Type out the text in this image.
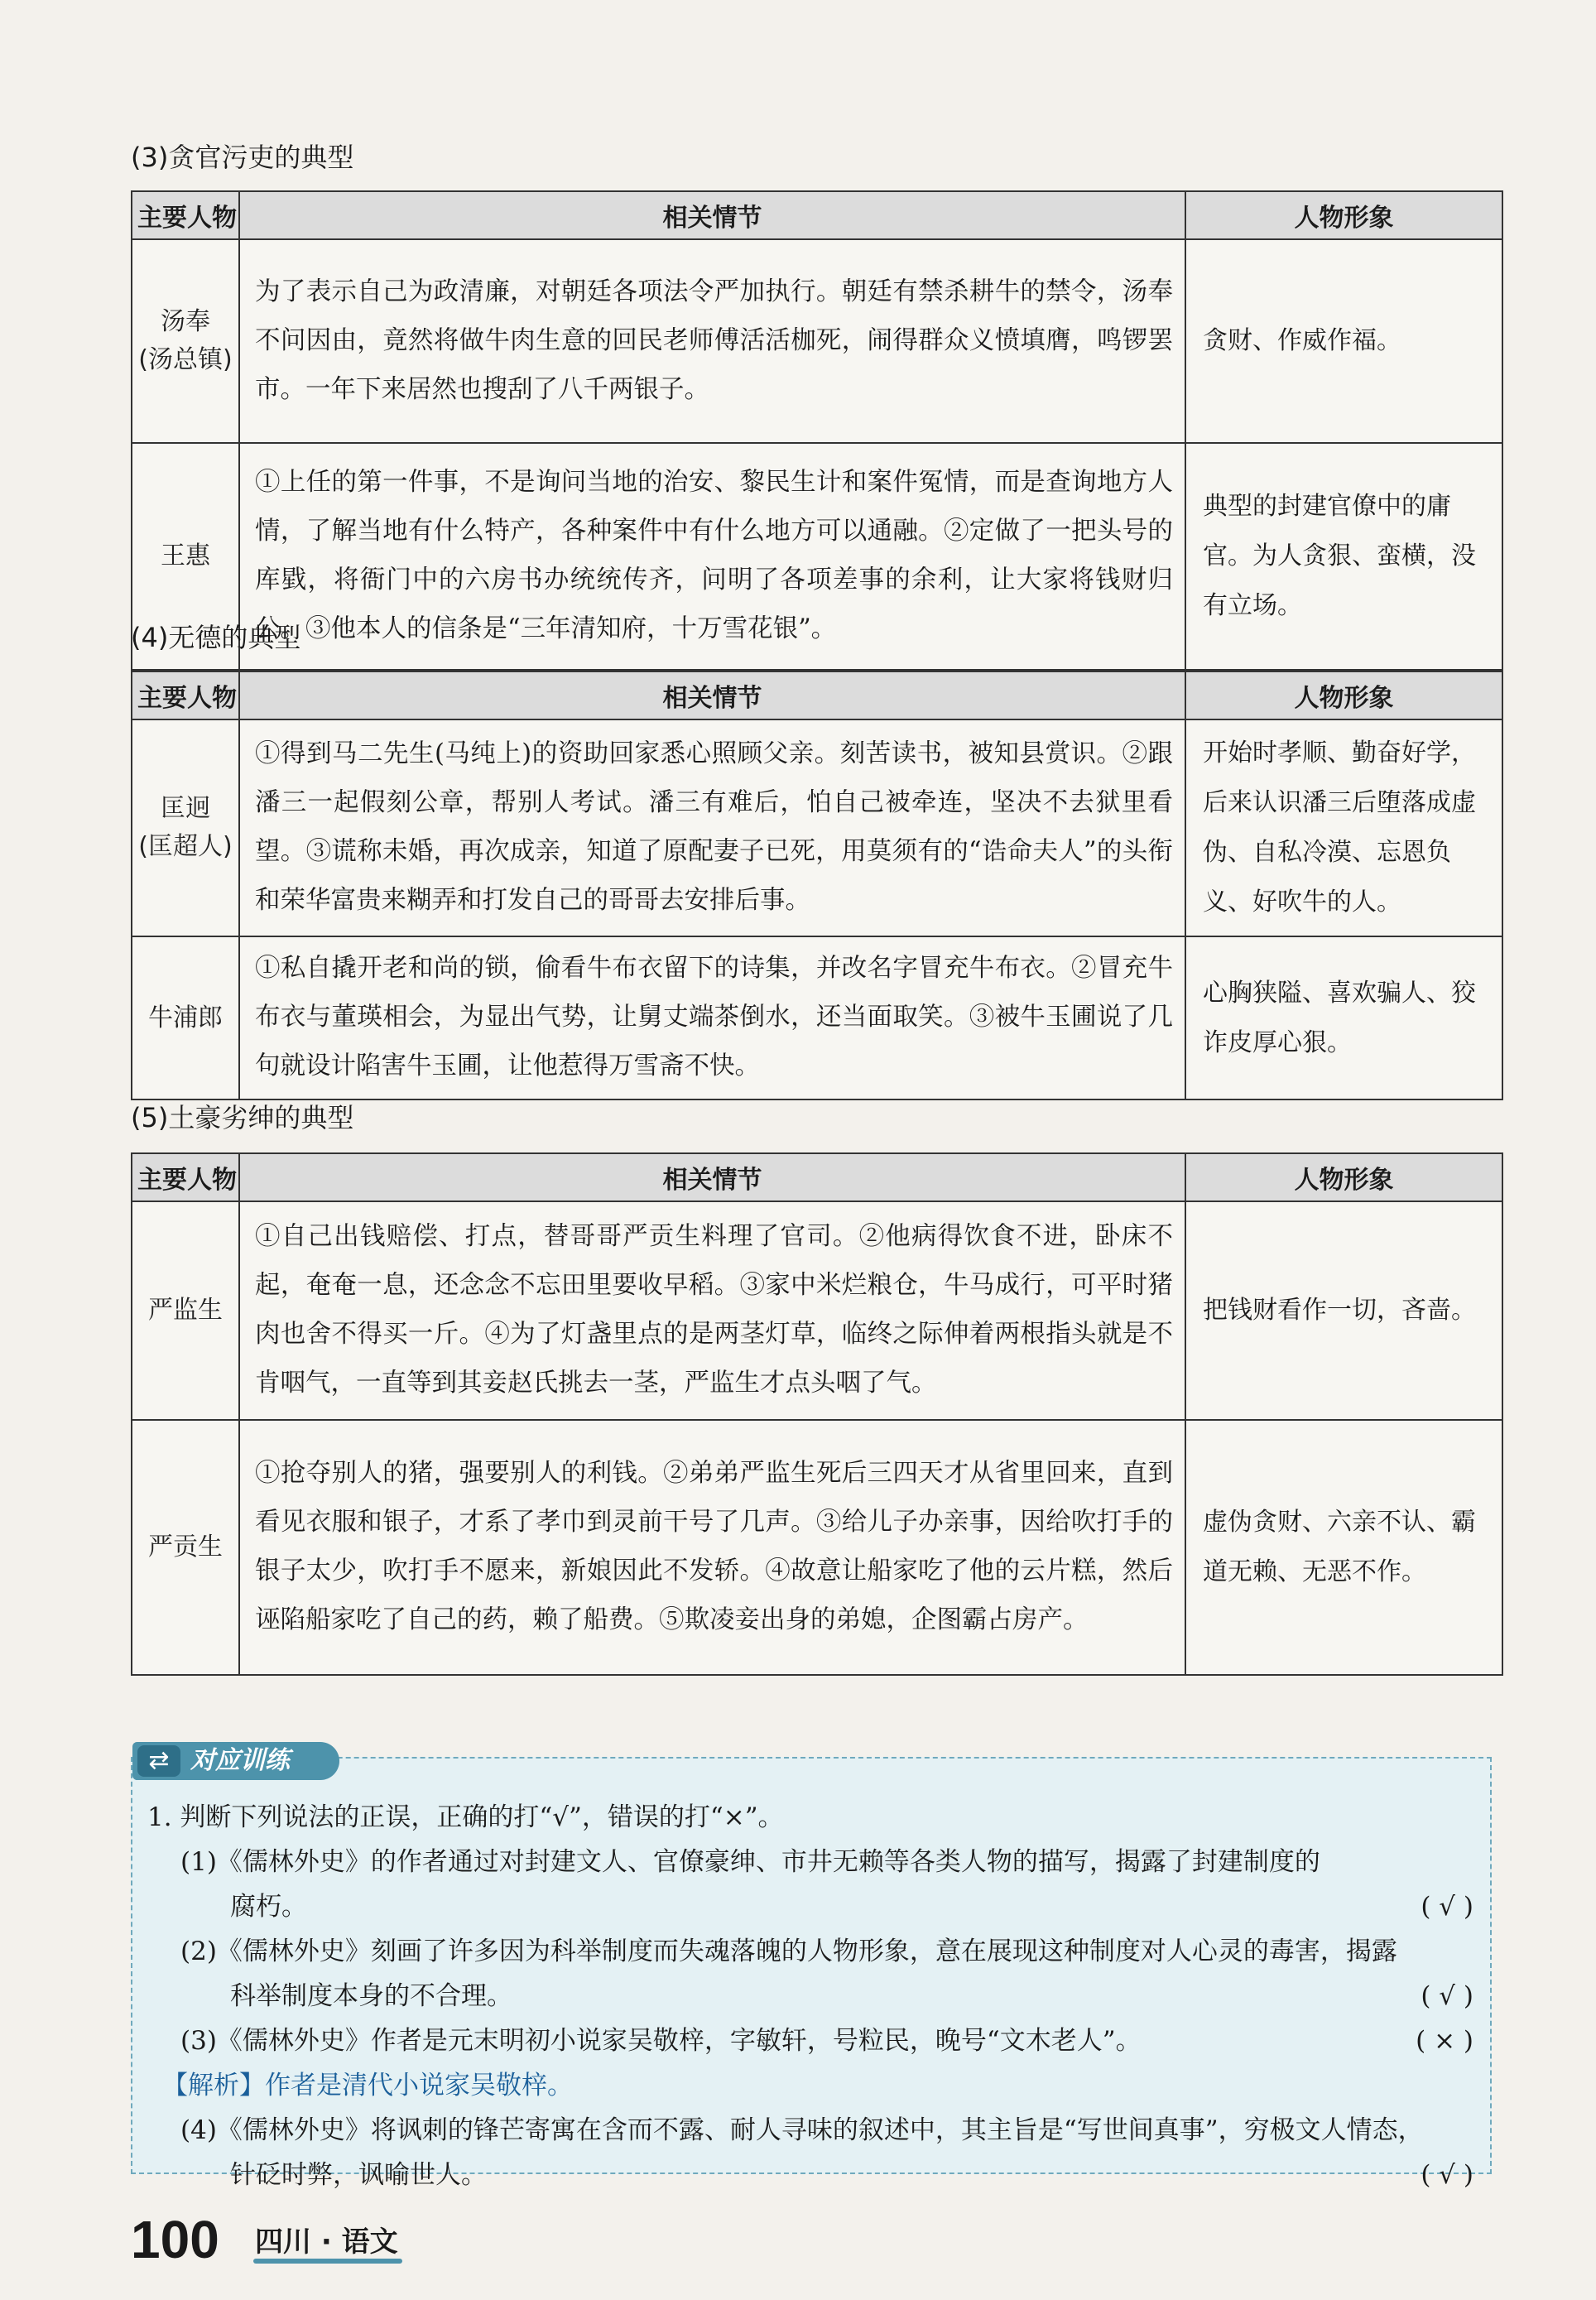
(3)贪官污吏的典型
主要人物	相关情节	人物形象

汤奉
(汤总镇)	为了表示自己为政清廉，对朝廷各项法令严加执行。朝廷有禁杀耕牛的禁令，汤奉不问因由，竟然将做牛肉生意的回民老师傅活活枷死，闹得群众义愤填膺，鸣锣罢市。一年下来居然也搜刮了八千两银子。	贪财、作威作福。

王惠	①上任的第一件事，不是询问当地的治安、黎民生计和案件冤情，而是查询地方人情，了解当地有什么特产，各种案件中有什么地方可以通融。②定做了一把头号的库戥，将衙门中的六房书办统统传齐，问明了各项差事的余利，让大家将钱财归公。③他本人的信条是“三年清知府，十万雪花银”。	典型的封建官僚中的庸官。为人贪狠、蛮横，没有立场。
(4)无德的典型
主要人物	相关情节	人物形象

匡迥
(匡超人)	①得到马二先生(马纯上)的资助回家悉心照顾父亲。刻苦读书，被知县赏识。②跟潘三一起假刻公章，帮别人考试。潘三有难后，怕自己被牵连，坚决不去狱里看望。③谎称未婚，再次成亲，知道了原配妻子已死，用莫须有的“诰命夫人”的头衔和荣华富贵来糊弄和打发自己的哥哥去安排后事。	开始时孝顺、勤奋好学，后来认识潘三后堕落成虚伪、自私冷漠、忘恩负义、好吹牛的人。

牛浦郎	①私自撬开老和尚的锁，偷看牛布衣留下的诗集，并改名字冒充牛布衣。②冒充牛布衣与董瑛相会，为显出气势，让舅丈端茶倒水，还当面取笑。③被牛玉圃说了几句就设计陷害牛玉圃，让他惹得万雪斋不快。	心胸狭隘、喜欢骗人、狡诈皮厚心狠。
(5)土豪劣绅的典型
主要人物	相关情节	人物形象

严监生	①自己出钱赔偿、打点，替哥哥严贡生料理了官司。②他病得饮食不进，卧床不起，奄奄一息，还念念不忘田里要收早稻。③家中米烂粮仓，牛马成行，可平时猪肉也舍不得买一斤。④为了灯盏里点的是两茎灯草，临终之际伸着两根指头就是不肯咽气，一直等到其妾赵氏挑去一茎，严监生才点头咽了气。	把钱财看作一切，吝啬。

严贡生	①抢夺别人的猪，强要别人的利钱。②弟弟严监生死后三四天才从省里回来，直到看见衣服和银子，才系了孝巾到灵前干号了几声。③给儿子办亲事，因给吹打手的银子太少，吹打手不愿来，新娘因此不发轿。④故意让船家吃了他的云片糕，然后诬陷船家吃了自己的药，赖了船费。⑤欺凌妾出身的弟媳，企图霸占房产。	虚伪贪财、六亲不认、霸道无赖、无恶不作。
⇄ 对应训练
1. 判断下列说法的正误，正确的打“√”，错误的打“×”。
(1)《儒林外史》的作者通过对封建文人、官僚豪绅、市井无赖等各类人物的描写，揭露了封建制度的
腐朽。	( √ )
(2)《儒林外史》刻画了许多因为科举制度而失魂落魄的人物形象，意在展现这种制度对人心灵的毒害，揭露
科举制度本身的不合理。	( √ )
(3)《儒林外史》作者是元末明初小说家吴敬梓，字敏轩，号粒民，晚号“文木老人”。	( × )
【解析】作者是清代小说家吴敬梓。
(4)《儒林外史》将讽刺的锋芒寄寓在含而不露、耐人寻味的叙述中，其主旨是“写世间真事”，穷极文人情态，
针砭时弊，讽喻世人。	( √ )
100 四川 · 语文
